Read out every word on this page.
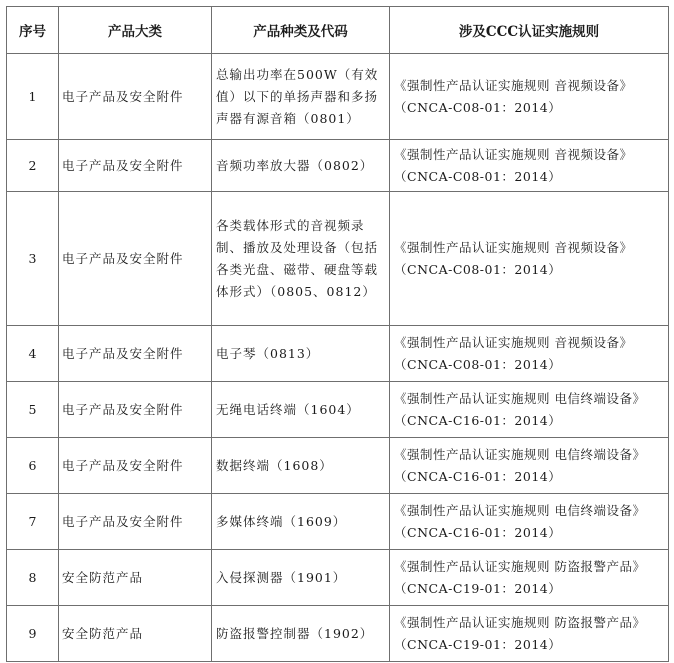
序号	产品大类	产品种类及代码	涉及CCC认证实施规则
1	电子产品及安全附件	总输出功率在500W（有效值）以下的单扬声器和多扬声器有源音箱（0801）	《强制性产品认证实施规则 音视频设备》
（CNCA-C08-01：2014）

2	电子产品及安全附件	音频功率放大器（0802）	《强制性产品认证实施规则 音视频设备》
（CNCA-C08-01：2014）

3	电子产品及安全附件	各类载体形式的音视频录制、播放及处理设备（包括各类光盘、磁带、硬盘等载体形式）（0805、0812）	《强制性产品认证实施规则 音视频设备》
（CNCA-C08-01：2014）

4	电子产品及安全附件	电子琴（0813）	《强制性产品认证实施规则 音视频设备》
（CNCA-C08-01：2014）

5	电子产品及安全附件	无绳电话终端（1604）	《强制性产品认证实施规则 电信终端设备》
（CNCA-C16-01：2014）

6	电子产品及安全附件	数据终端（1608）	《强制性产品认证实施规则 电信终端设备》
（CNCA-C16-01：2014）

7	电子产品及安全附件	多媒体终端（1609）	《强制性产品认证实施规则 电信终端设备》
（CNCA-C16-01：2014）

8	安全防范产品	入侵探测器（1901）	《强制性产品认证实施规则 防盗报警产品》
（CNCA-C19-01：2014）

9	安全防范产品	防盗报警控制器（1902）	《强制性产品认证实施规则 防盗报警产品》
（CNCA-C19-01：2014）
